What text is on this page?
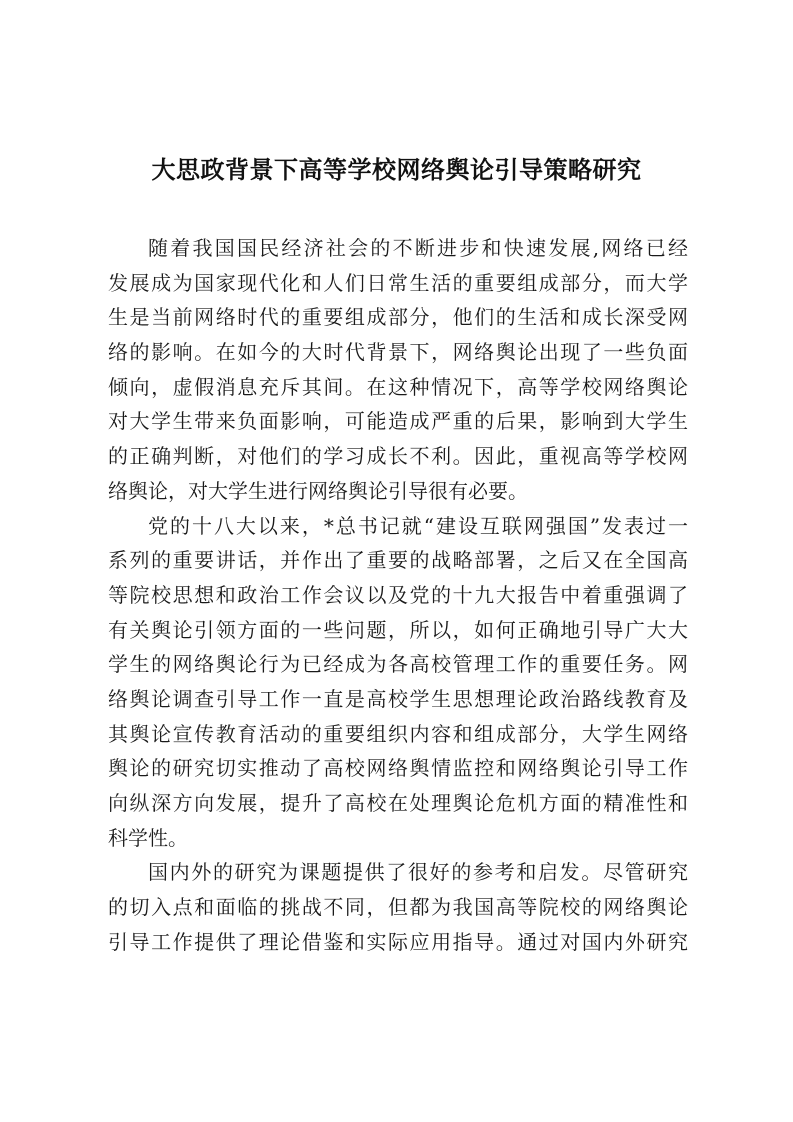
大思政背景下高等学校网络舆论引导策略研究
随着我国国民经济社会的不断进步和快速发展,网络已经
发展成为国家现代化和人们日常生活的重要组成部分，而大学
生是当前网络时代的重要组成部分，他们的生活和成长深受网
络的影响。在如今的大时代背景下，网络舆论出现了一些负面
倾向，虚假消息充斥其间。在这种情况下，高等学校网络舆论
对大学生带来负面影响，可能造成严重的后果，影响到大学生
的正确判断，对他们的学习成长不利。因此，重视高等学校网
络舆论，对大学生进行网络舆论引导很有必要。
党的十八大以来，*总书记就“建设互联网强国”发表过一
系列的重要讲话，并作出了重要的战略部署，之后又在全国高
等院校思想和政治工作会议以及党的十九大报告中着重强调了
有关舆论引领方面的一些问题，所以，如何正确地引导广大大
学生的网络舆论行为已经成为各高校管理工作的重要任务。网
络舆论调查引导工作一直是高校学生思想理论政治路线教育及
其舆论宣传教育活动的重要组织内容和组成部分，大学生网络
舆论的研究切实推动了高校网络舆情监控和网络舆论引导工作
向纵深方向发展，提升了高校在处理舆论危机方面的精准性和
科学性。
国内外的研究为课题提供了很好的参考和启发。尽管研究
的切入点和面临的挑战不同，但都为我国高等院校的网络舆论
引导工作提供了理论借鉴和实际应用指导。通过对国内外研究
